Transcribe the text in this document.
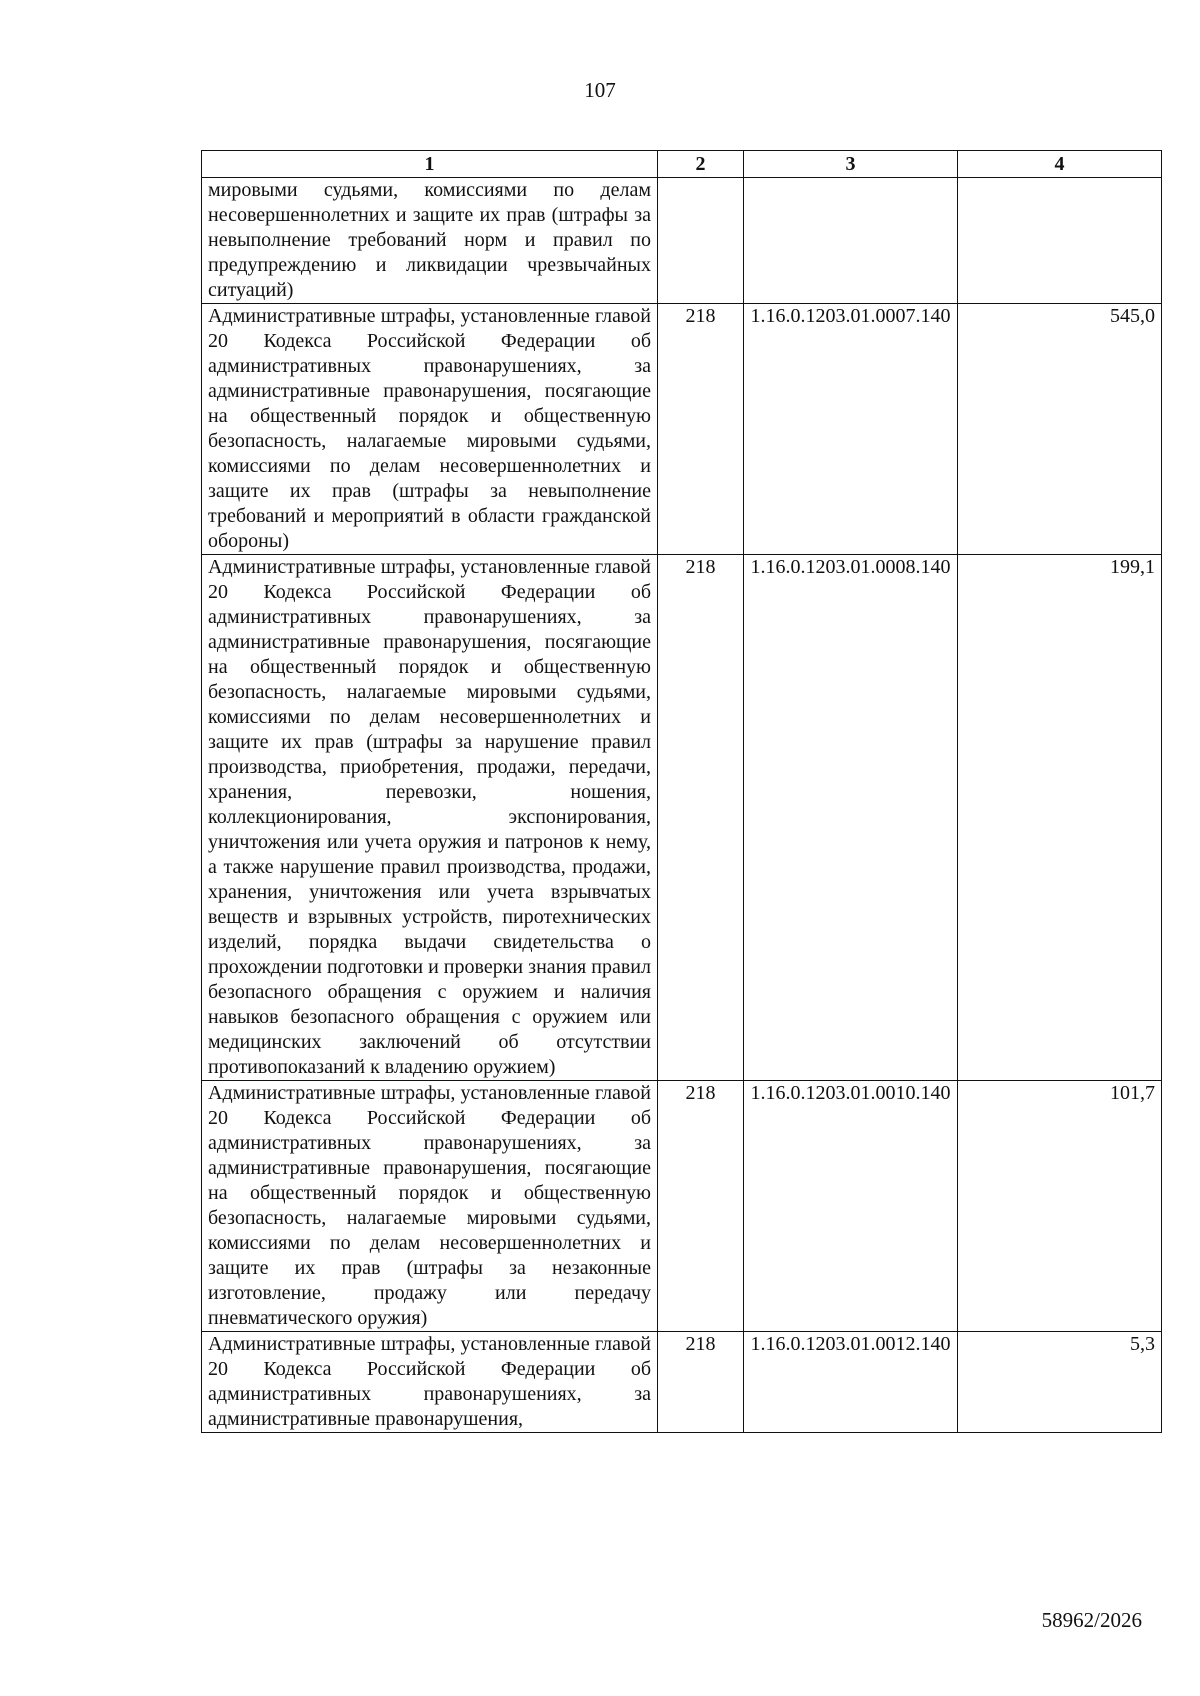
107
1	2	3	4

мировыми судьями, комиссиями по делам несовершеннолетних и защите их прав (штрафы за невыполнение требований норм и правил по предупреждению и ликвидации чрезвычайных ситуаций)			

Административные штрафы, установленные главой 20 Кодекса Российской Федерации об административных правонарушениях, за административные правонарушения, посягающие на общественный порядок и общественную безопасность, налагаемые мировыми судьями, комиссиями по делам несовершеннолетних и защите их прав (штрафы за невыполнение требований и мероприятий в области гражданской обороны)	218	1.16.0.1203.01.0007.140	545,0

Административные штрафы, установленные главой 20 Кодекса Российской Федерации об административных правонарушениях, за административные правонарушения, посягающие на общественный порядок и общественную безопасность, налагаемые мировыми судьями, комиссиями по делам несовершеннолетних и защите их прав (штрафы за нарушение правил производства, приобретения, продажи, передачи, хранения, перевозки, ношения, коллекционирования, экспонирования, уничтожения или учета оружия и патронов к нему, а также нарушение правил производства, продажи, хранения, уничтожения или учета взрывчатых веществ и взрывных устройств, пиротехнических изделий, порядка выдачи свидетельства о прохождении подготовки и проверки знания правил безопасного обращения с оружием и наличия навыков безопасного обращения с оружием или медицинских заключений об отсутствии противопоказаний к владению оружием)	218	1.16.0.1203.01.0008.140	199,1

Административные штрафы, установленные главой 20 Кодекса Российской Федерации об административных правонарушениях, за административные правонарушения, посягающие на общественный порядок и общественную безопасность, налагаемые мировыми судьями, комиссиями по делам несовершеннолетних и защите их прав (штрафы за незаконные изготовление, продажу или передачу пневматического оружия)	218	1.16.0.1203.01.0010.140	101,7

Административные штрафы, установленные главой 20 Кодекса Российской Федерации об административных правонарушениях, за административные правонарушения,	218	1.16.0.1203.01.0012.140	5,3
58962/2026
